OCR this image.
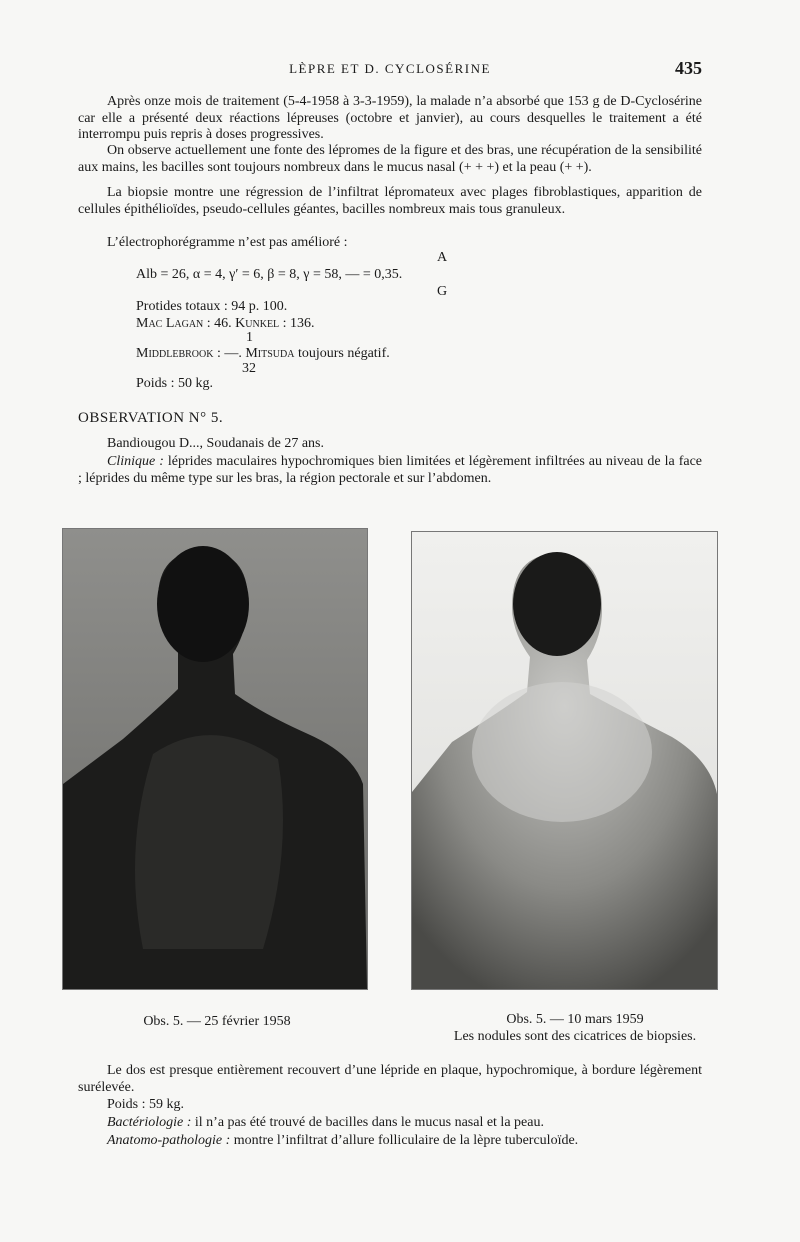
LÈPRE ET D. CYCLOSÉRINE	435

Après onze mois de traitement (5-4-1958 à 3-3-1959), la malade n’a absorbé que 153 g de D-Cyclosérine car elle a présenté deux réactions lépreuses (octobre et janvier), au cours desquelles le traitement a été interrompu puis repris à doses progressives.

On observe actuellement une fonte des lépromes de la figure et des bras, une récupération de la sensibilité aux mains, les bacilles sont toujours nombreux dans le mucus nasal (+ + +) et la peau (+ +).

La biopsie montre une régression de l’infiltrat lépromateux avec plages fibroblastiques, apparition de cellules épithélioïdes, pseudo-cellules géantes, bacilles nombreux mais tous granuleux.

L’électrophorégramme n’est pas amélioré :

A
Alb = 26, α = 4, γ′ = 6, β = 8, γ = 58, — = 0,35.
G
Protides totaux : 94 p. 100.
Mac Lagan : 46. Kunkel : 136.
1
Middlebrook : —. Mitsuda toujours négatif.
32
Poids : 50 kg.
OBSERVATION N° 5.

Bandiougou D..., Soudanais de 27 ans.

Clinique : léprides maculaires hypochromiques bien limitées et légèrement infiltrées au niveau de la face ; léprides du même type sur les bras, la région pectorale et sur l’abdomen.

Obs. 5. — 25 février 1958	Obs. 5. — 10 mars 1959
Les nodules sont des cicatrices de biopsies.

Le dos est presque entièrement recouvert d’une lépride en plaque, hypochromique, à bordure légèrement surélevée.

Poids : 59 kg.

Bactériologie : il n’a pas été trouvé de bacilles dans le mucus nasal et la peau.

Anatomo-pathologie : montre l’infiltrat d’allure folliculaire de la lèpre tuberculoïde.
